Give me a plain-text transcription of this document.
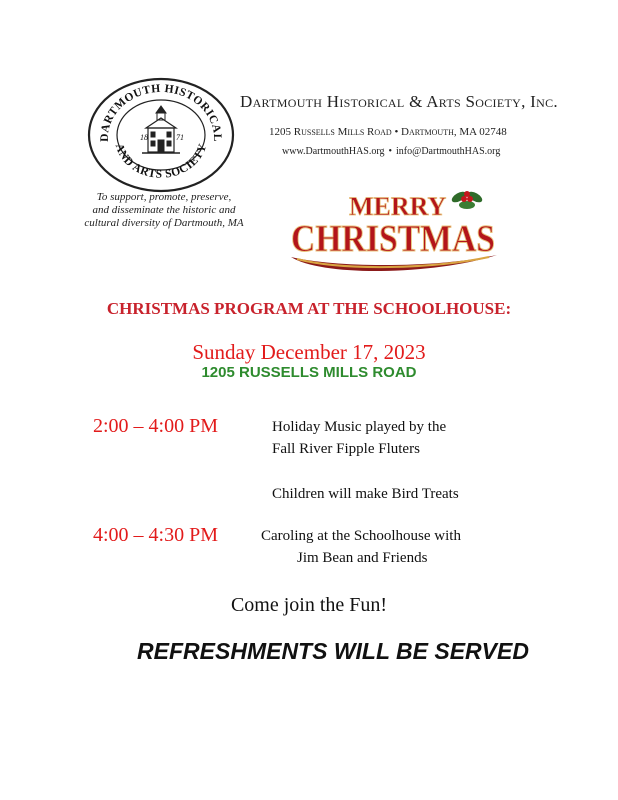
DARTMOUTH HISTORICAL
AND ARTS SOCIETY
18	71
To support, promote, preserve,
and disseminate the historic and
cultural diversity of Dartmouth, MA
Dartmouth Historical & Arts Society, Inc.
1205 Russells Mills Road • Dartmouth, MA 02748
www.DartmouthHAS.org • info@DartmouthHAS.org
MERRY
CHRISTMAS
CHRISTMAS PROGRAM AT THE SCHOOLHOUSE:
Sunday December 17, 2023
1205 RUSSELLS MILLS ROAD
2:00 – 4:00 PM	Holiday Music played by the
Fall River Fipple Fluters
Children will make Bird Treats
4:00 – 4:30 PM	Caroling at the Schoolhouse with
Jim Bean and Friends
Come join the Fun!
REFRESHMENTS WILL BE SERVED
